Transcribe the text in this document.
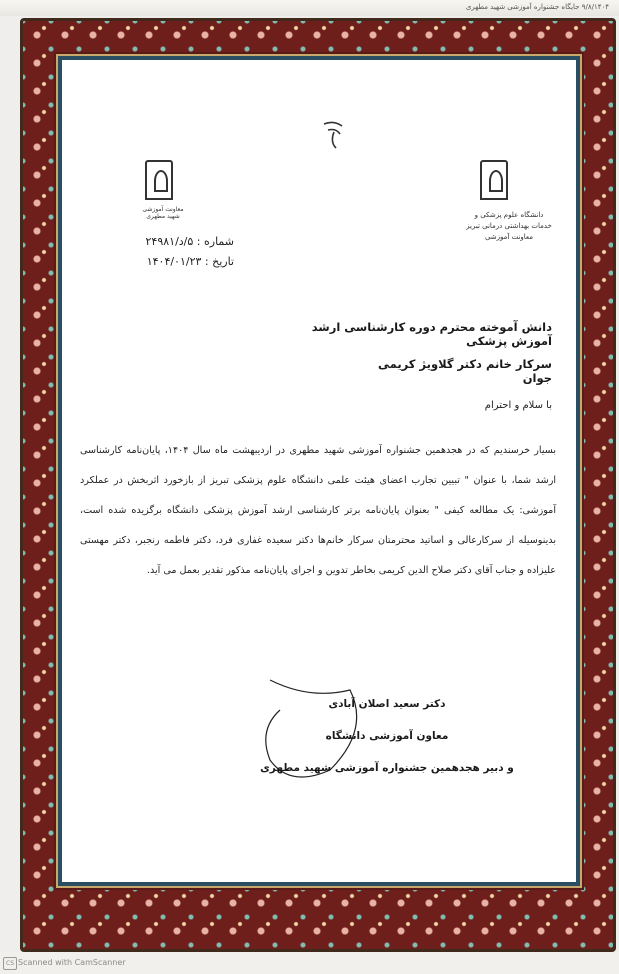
۹/۸/۱۴۰۴ جایگاه جشنواره آموزشی شهید مطهری
معاونت آموزشی شهید مطهری	دانشگاه علوم پزشکی و خدمات بهداشتی درمانی تبریز
معاونت آموزشی
شماره : ۵/د/۲۴۹۸۱
تاریخ : ۱۴۰۴/۰۱/۲۳
دانش آموخته محترم دوره کارشناسی ارشد آموزش پزشکی
سرکار خانم دکتر گلاویژ کریمی جوان
با سلام و احترام
بسیار خرسندیم که در هجدهمین جشنواره آموزشی شهید مطهری در اردیبهشت ماه سال ۱۴۰۴، پایان‌نامه کارشناسی ارشد شما، با عنوان " تبیین تجارب اعضای هیئت علمی دانشگاه علوم پزشکی تبریز از بازخورد اثربخش در عملکرد آموزشی: یک مطالعه کیفی " بعنوان پایان‌نامه برتر کارشناسی ارشد آموزش پزشکی دانشگاه برگزیده شده است، بدینوسیله از سرکارعالی و اساتید محترمتان سرکار خانم‌ها دکتر سعیده غفاری فرد، دکتر فاطمه رنجبر، دکتر مهستی علیزاده و جناب آقای دکتر صلاح الدین کریمی بخاطر تدوین و اجرای پایان‌نامه مذکور تقدیر بعمل می آید.
دکتر سعید اصلان آبادی
معاون آموزشی دانشگاه
و دبیر هجدهمین جشنواره آموزشی شهید مطهری
CS Scanned with CamScanner
